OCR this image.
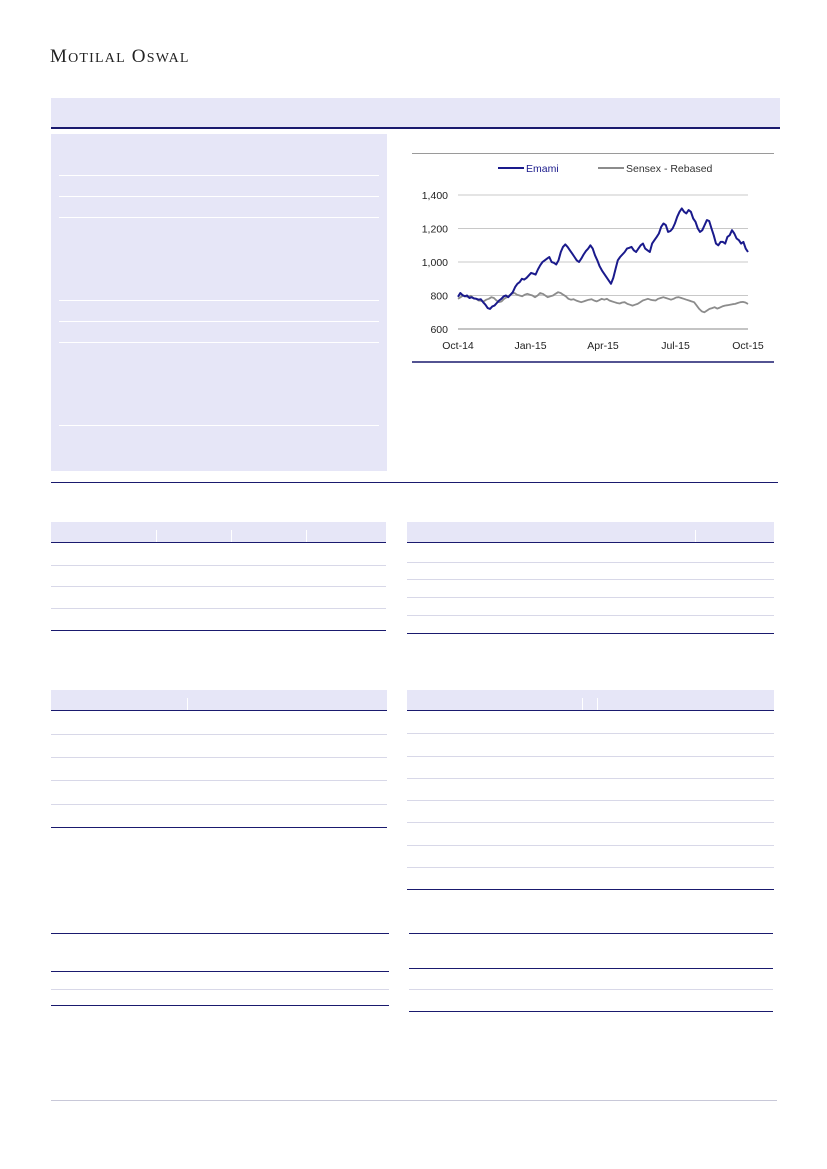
MOTILAL OSWAL
Emami	Sensex - Rebased
1,400
1,200
1,000
800
600
Oct-14	Jan-15	Apr-15	Jul-15	Oct-15
